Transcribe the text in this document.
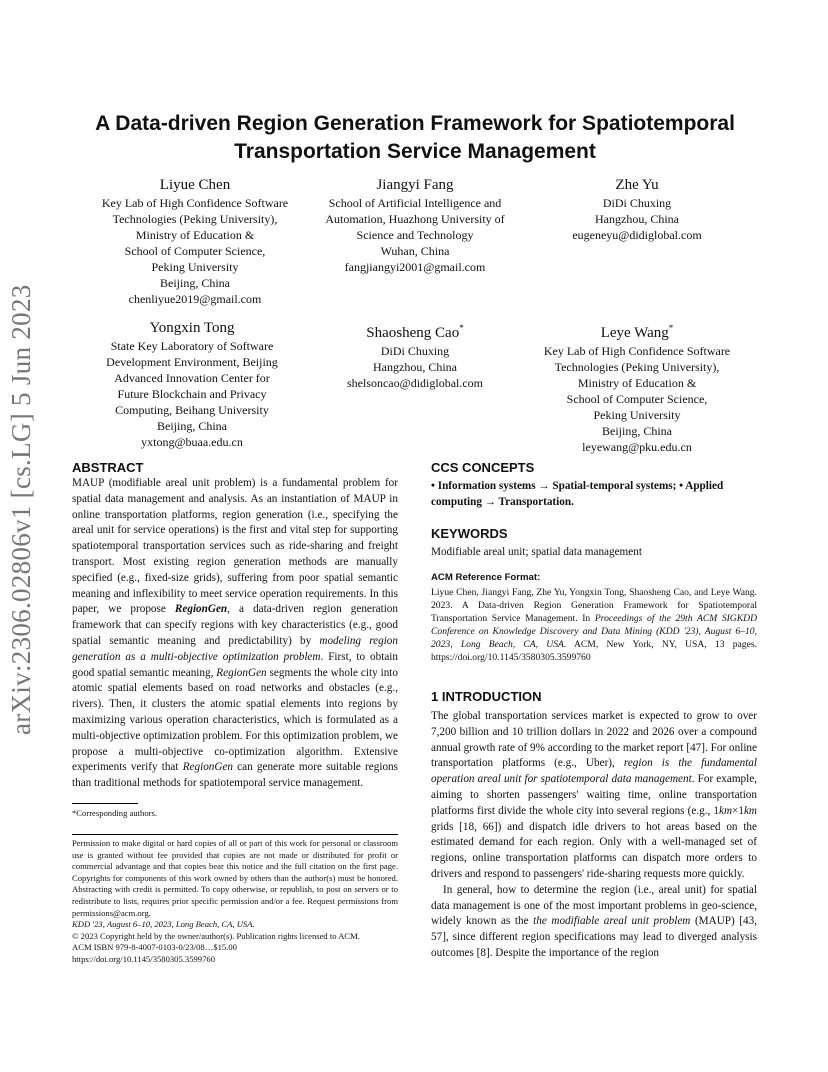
arXiv:2306.02806v1 [cs.LG] 5 Jun 2023
A Data-driven Region Generation Framework for Spatiotemporal
Transportation Service Management
Liyue Chen
Key Lab of High Confidence Software
Technologies (Peking University),
Ministry of Education &
School of Computer Science,
Peking University
Beijing, China
chenliyue2019@gmail.com
Jiangyi Fang
School of Artificial Intelligence and
Automation, Huazhong University of
Science and Technology
Wuhan, China
fangjiangyi2001@gmail.com
Zhe Yu
DiDi Chuxing
Hangzhou, China
eugeneyu@didiglobal.com
Yongxin Tong
State Key Laboratory of Software
Development Environment, Beijing
Advanced Innovation Center for
Future Blockchain and Privacy
Computing, Beihang University
Beijing, China
yxtong@buaa.edu.cn
Shaosheng Cao*
DiDi Chuxing
Hangzhou, China
shelsoncao@didiglobal.com
Leye Wang*
Key Lab of High Confidence Software
Technologies (Peking University),
Ministry of Education &
School of Computer Science,
Peking University
Beijing, China
leyewang@pku.edu.cn
ABSTRACT
MAUP (modifiable areal unit problem) is a fundamental problem for spatial data management and analysis. As an instantiation of MAUP in online transportation platforms, region generation (i.e., specifying the areal unit for service operations) is the first and vital step for supporting spatiotemporal transportation services such as ride-sharing and freight transport. Most existing region generation methods are manually specified (e.g., fixed-size grids), suffering from poor spatial semantic meaning and inflexibility to meet service operation requirements. In this paper, we propose RegionGen, a data-driven region generation framework that can specify regions with key characteristics (e.g., good spatial semantic meaning and predictability) by modeling region generation as a multi-objective optimization problem. First, to obtain good spatial semantic meaning, RegionGen segments the whole city into atomic spatial elements based on road networks and obstacles (e.g., rivers). Then, it clusters the atomic spatial elements into regions by maximizing various operation characteristics, which is formulated as a multi-objective optimization problem. For this optimization problem, we propose a multi-objective co-optimization algorithm. Extensive experiments verify that RegionGen can generate more suitable regions than traditional methods for spatiotemporal service management.
*Corresponding authors.

Permission to make digital or hard copies of all or part of this work for personal or classroom use is granted without fee provided that copies are not made or distributed for profit or commercial advantage and that copies bear this notice and the full citation on the first page. Copyrights for components of this work owned by others than the author(s) must be honored. Abstracting with credit is permitted. To copy otherwise, or republish, to post on servers or to redistribute to lists, requires prior specific permission and/or a fee. Request permissions from permissions@acm.org.

KDD '23, August 6–10, 2023, Long Beach, CA, USA.

© 2023 Copyright held by the owner/author(s). Publication rights licensed to ACM.

ACM ISBN 979-8-4007-0103-0/23/08…$15.00

https://doi.org/10.1145/3580305.3599760

CCS CONCEPTS
• Information systems → Spatial-temporal systems; • Applied computing → Transportation.
KEYWORDS
Modifiable areal unit; spatial data management
ACM Reference Format:
Liyue Chen, Jiangyi Fang, Zhe Yu, Yongxin Tong, Shaosheng Cao, and Leye Wang. 2023. A Data-driven Region Generation Framework for Spatiotemporal Transportation Service Management. In Proceedings of the 29th ACM SIGKDD Conference on Knowledge Discovery and Data Mining (KDD '23), August 6–10, 2023, Long Beach, CA, USA. ACM, New York, NY, USA, 13 pages. https://doi.org/10.1145/3580305.3599760
1 INTRODUCTION

The global transportation services market is expected to grow to over 7,200 billion and 10 trillion dollars in 2022 and 2026 over a compound annual growth rate of 9% according to the market report [47]. For online transportation platforms (e.g., Uber), region is the fundamental operation areal unit for spatiotemporal data management. For example, aiming to shorten passengers' waiting time, online transportation platforms first divide the whole city into several regions (e.g., 1km×1km grids [18, 66]) and dispatch idle drivers to hot areas based on the estimated demand for each region. Only with a well-managed set of regions, online transportation platforms can dispatch more orders to drivers and respond to passengers' ride-sharing requests more quickly.

In general, how to determine the region (i.e., areal unit) for spatial data management is one of the most important problems in geo-science, widely known as the the modifiable areal unit problem (MAUP) [43, 57], since different region specifications may lead to diverged analysis outcomes [8]. Despite the importance of the region
